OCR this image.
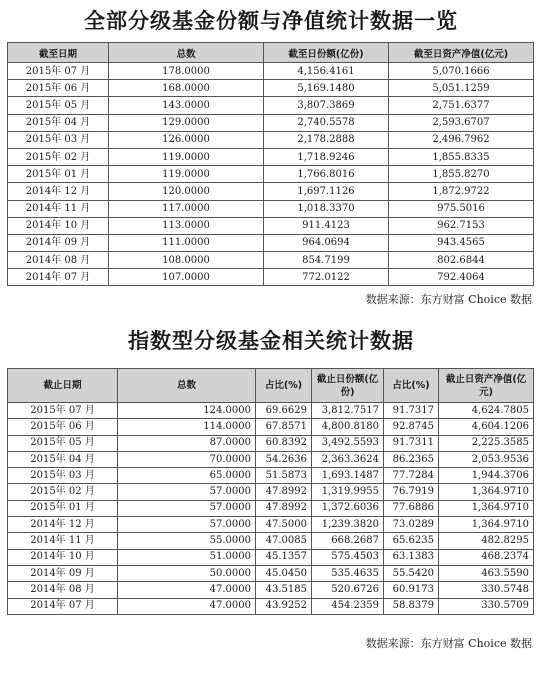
全部分级基金份额与净值统计数据一览
截至日期	总数	截至日份额(亿份)	截至日资产净值(亿元)
2015年 07 月	178.0000	4,156.4161	5,070.1666
2015年 06 月	168.0000	5,169.1480	5,051.1259
2015年 05 月	143.0000	3,807.3869	2,751.6377
2015年 04 月	129.0000	2,740.5578	2,593.6707
2015年 03 月	126.0000	2,178.2888	2,496.7962
2015年 02 月	119.0000	1,718.9246	1,855.8335
2015年 01 月	119.0000	1,766.8016	1,855.8270
2014年 12 月	120.0000	1,697.1126	1,872.9722
2014年 11 月	117.0000	1,018.3370	975.5016
2014年 10 月	113.0000	911.4123	962.7153
2014年 09 月	111.0000	964.0694	943.4565
2014年 08 月	108.0000	854.7199	802.6844
2014年 07 月	107.0000	772.0122	792.4064
数据来源：东方财富 Choice 数据
指数型分级基金相关统计数据
截止日期	总数	占比(%)	截止日份额(亿份)	占比(%)	截止日资产净值(亿元)
2015年 07 月	124.0000	69.6629	3,812.7517	91.7317	4,624.7805
2015年 06 月	114.0000	67.8571	4,800.8180	92.8745	4,604.1206
2015年 05 月	87.0000	60.8392	3,492.5593	91.7311	2,225.3585
2015年 04 月	70.0000	54.2636	2,363.3624	86.2365	2,053.9536
2015年 03 月	65.0000	51.5873	1,693.1487	77.7284	1,944.3706
2015年 02 月	57.0000	47.8992	1,319.9955	76.7919	1,364.9710
2015年 01 月	57.0000	47.8992	1,372.6036	77.6886	1,364.9710
2014年 12 月	57.0000	47.5000	1,239.3820	73.0289	1,364.9710
2014年 11 月	55.0000	47.0085	668.2687	65.6235	482.8295
2014年 10 月	51.0000	45.1357	575.4503	63.1383	468.2374
2014年 09 月	50.0000	45.0450	535.4635	55.5420	463.5590
2014年 08 月	47.0000	43.5185	520.6726	60.9173	330.5748
2014年 07 月	47.0000	43.9252	454.2359	58.8379	330.5709
数据来源：东方财富 Choice 数据
